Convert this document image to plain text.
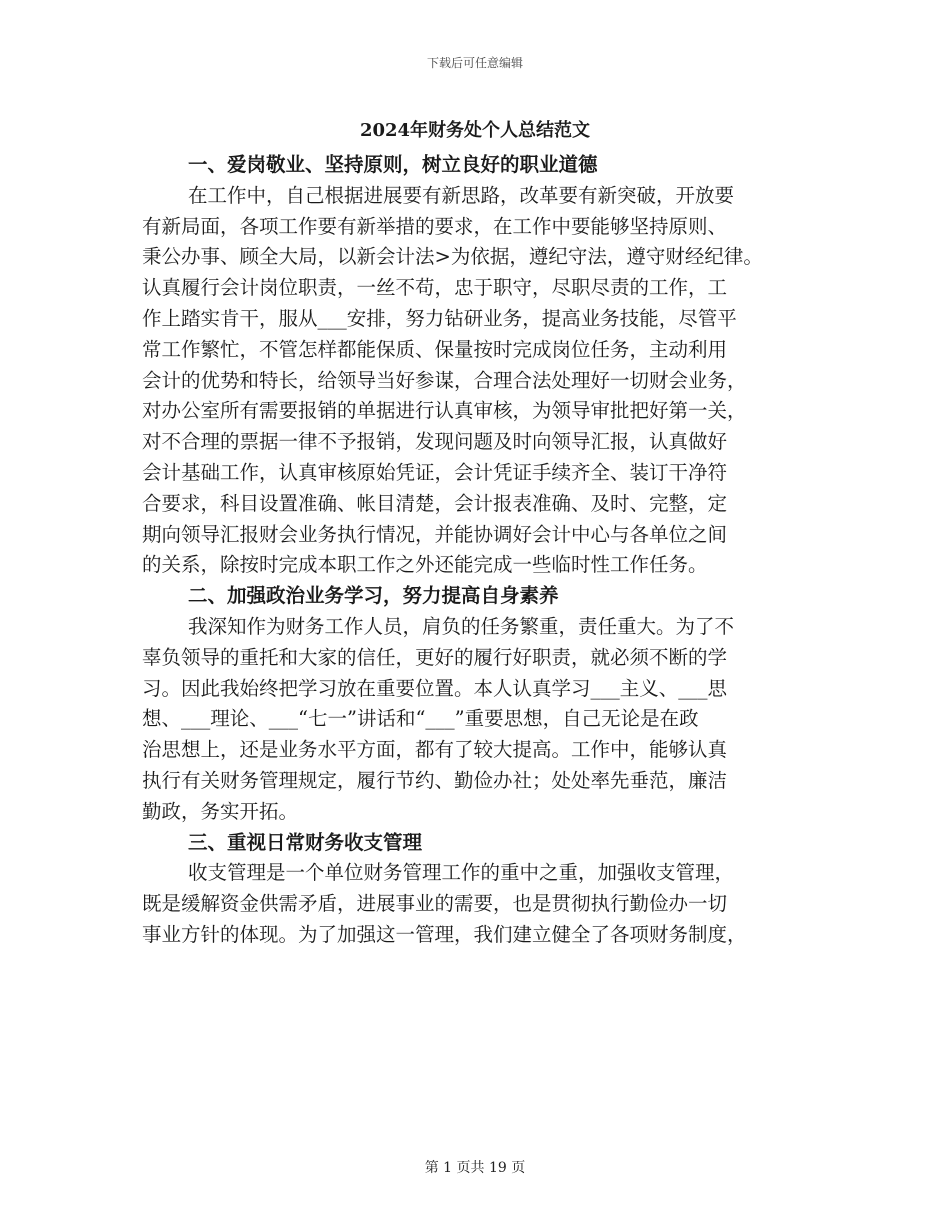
下载后可任意编辑
2024年财务处个人总结范文
一、爱岗敬业、坚持原则，树立良好的职业道德
在工作中，自己根据进展要有新思路，改革要有新突破，开放要
有新局面，各项工作要有新举措的要求，在工作中要能够坚持原则、
秉公办事、顾全大局，以新会计法>为依据，遵纪守法，遵守财经纪律。
认真履行会计岗位职责，一丝不苟，忠于职守，尽职尽责的工作，工
作上踏实肯干，服从___安排，努力钻研业务，提高业务技能，尽管平
常工作繁忙，不管怎样都能保质、保量按时完成岗位任务，主动利用
会计的优势和特长，给领导当好参谋，合理合法处理好一切财会业务，
对办公室所有需要报销的单据进行认真审核，为领导审批把好第一关，
对不合理的票据一律不予报销，发现问题及时向领导汇报，认真做好
会计基础工作，认真审核原始凭证，会计凭证手续齐全、装订干净符
合要求，科目设置准确、帐目清楚，会计报表准确、及时、完整，定
期向领导汇报财会业务执行情况，并能协调好会计中心与各单位之间
的关系，除按时完成本职工作之外还能完成一些临时性工作任务。
二、加强政治业务学习，努力提高自身素养
我深知作为财务工作人员，肩负的任务繁重，责任重大。为了不
辜负领导的重托和大家的信任，更好的履行好职责，就必须不断的学
习。因此我始终把学习放在重要位置。本人认真学习___主义、___思
想、___理论、___“七一”讲话和“___”重要思想，自己无论是在政
治思想上，还是业务水平方面，都有了较大提高。工作中，能够认真
执行有关财务管理规定，履行节约、勤俭办社；处处率先垂范，廉洁
勤政，务实开拓。
三、重视日常财务收支管理
收支管理是一个单位财务管理工作的重中之重，加强收支管理，
既是缓解资金供需矛盾，进展事业的需要，也是贯彻执行勤俭办一切
事业方针的体现。为了加强这一管理，我们建立健全了各项财务制度，
第 1 页共 19 页
